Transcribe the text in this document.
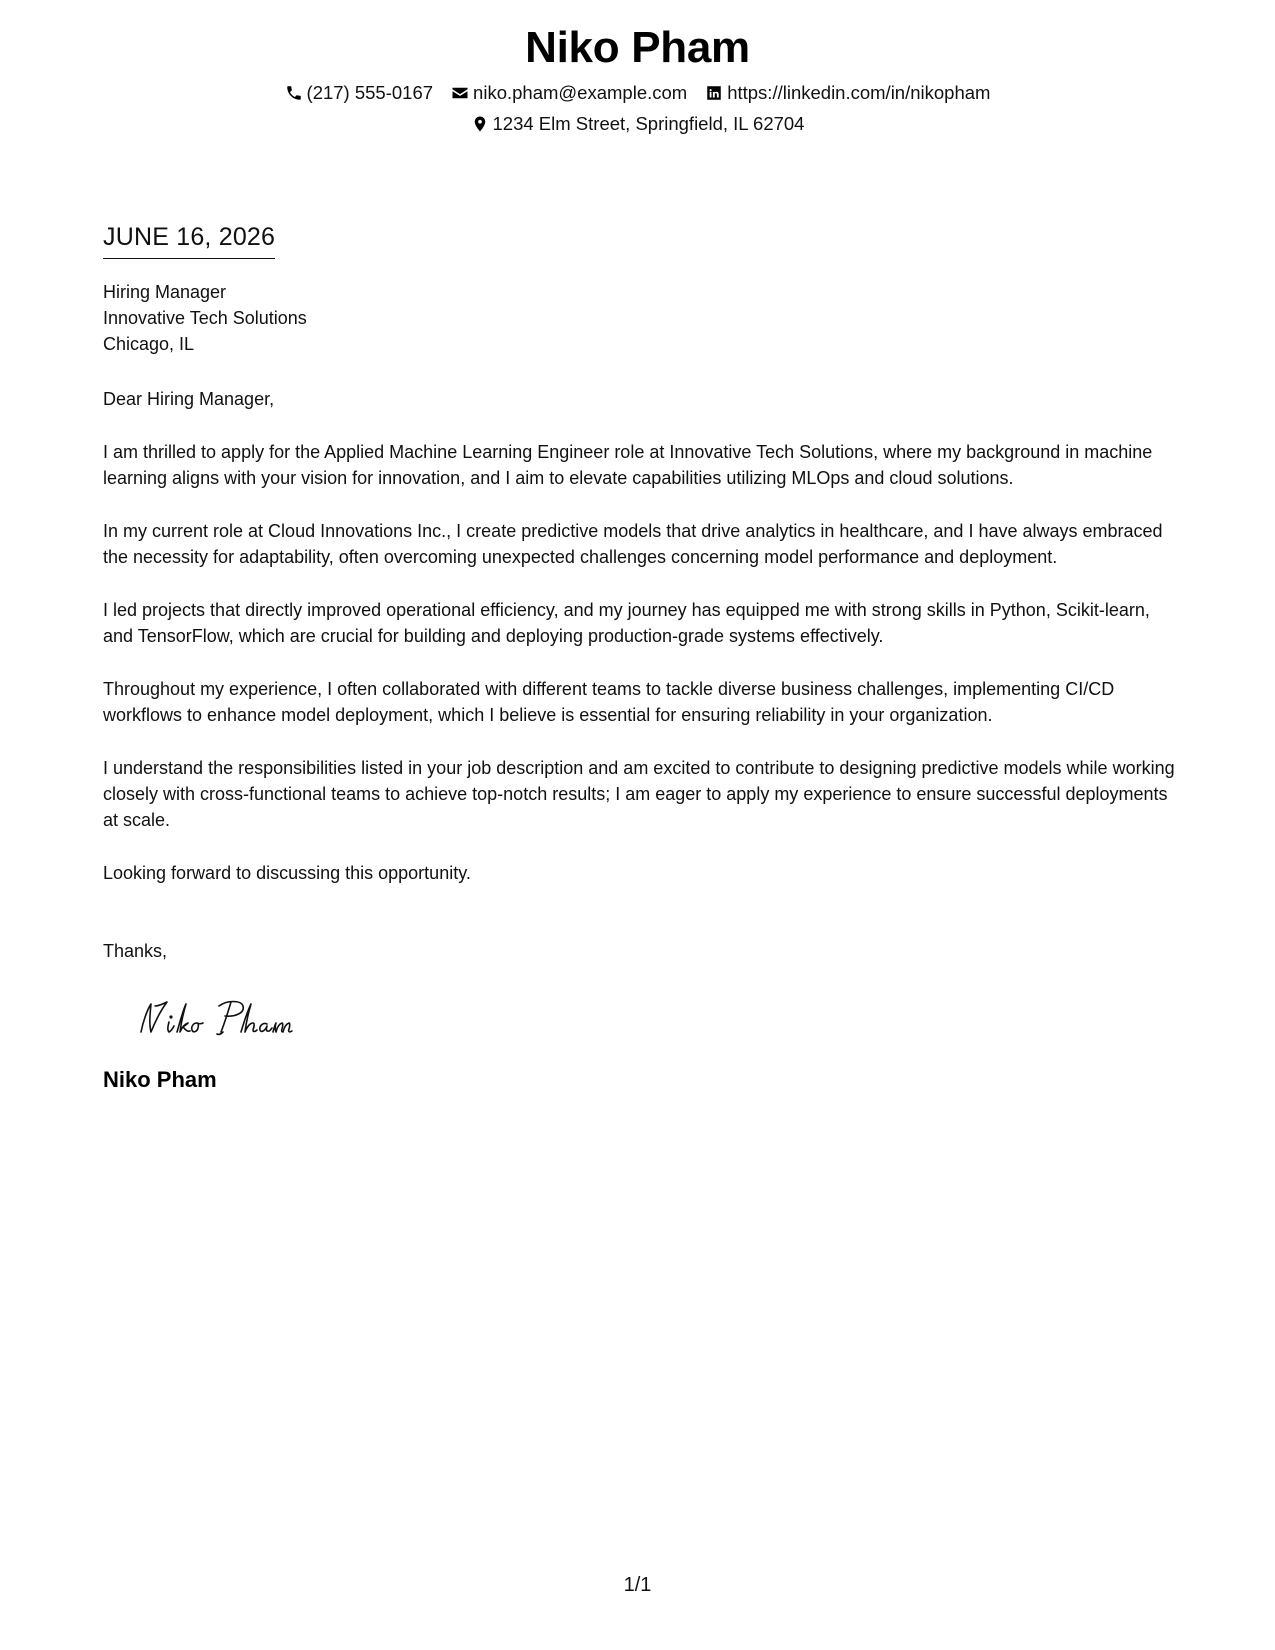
Niko Pham
(217) 555-0167 niko.pham@example.com https://linkedin.com/in/nikopham
1234 Elm Street, Springfield, IL 62704
JUNE 16, 2026
Hiring Manager
Innovative Tech Solutions
Chicago, IL
Dear Hiring Manager,

I am thrilled to apply for the Applied Machine Learning Engineer role at Innovative Tech Solutions, where my background in machine learning aligns with your vision for innovation, and I aim to elevate capabilities utilizing MLOps and cloud solutions.

In my current role at Cloud Innovations Inc., I create predictive models that drive analytics in healthcare, and I have always embraced the necessity for adaptability, often overcoming unexpected challenges concerning model performance and deployment.

I led projects that directly improved operational efficiency, and my journey has equipped me with strong skills in Python, Scikit-learn, and TensorFlow, which are crucial for building and deploying production-grade systems effectively.

Throughout my experience, I often collaborated with different teams to tackle diverse business challenges, implementing CI/CD workflows to enhance model deployment, which I believe is essential for ensuring reliability in your organization.

I understand the responsibilities listed in your job description and am excited to contribute to designing predictive models while working closely with cross-functional teams to achieve top-notch results; I am eager to apply my experience to ensure successful deployments at scale.

Looking forward to discussing this opportunity.
Thanks,
Niko Pham
1/1
